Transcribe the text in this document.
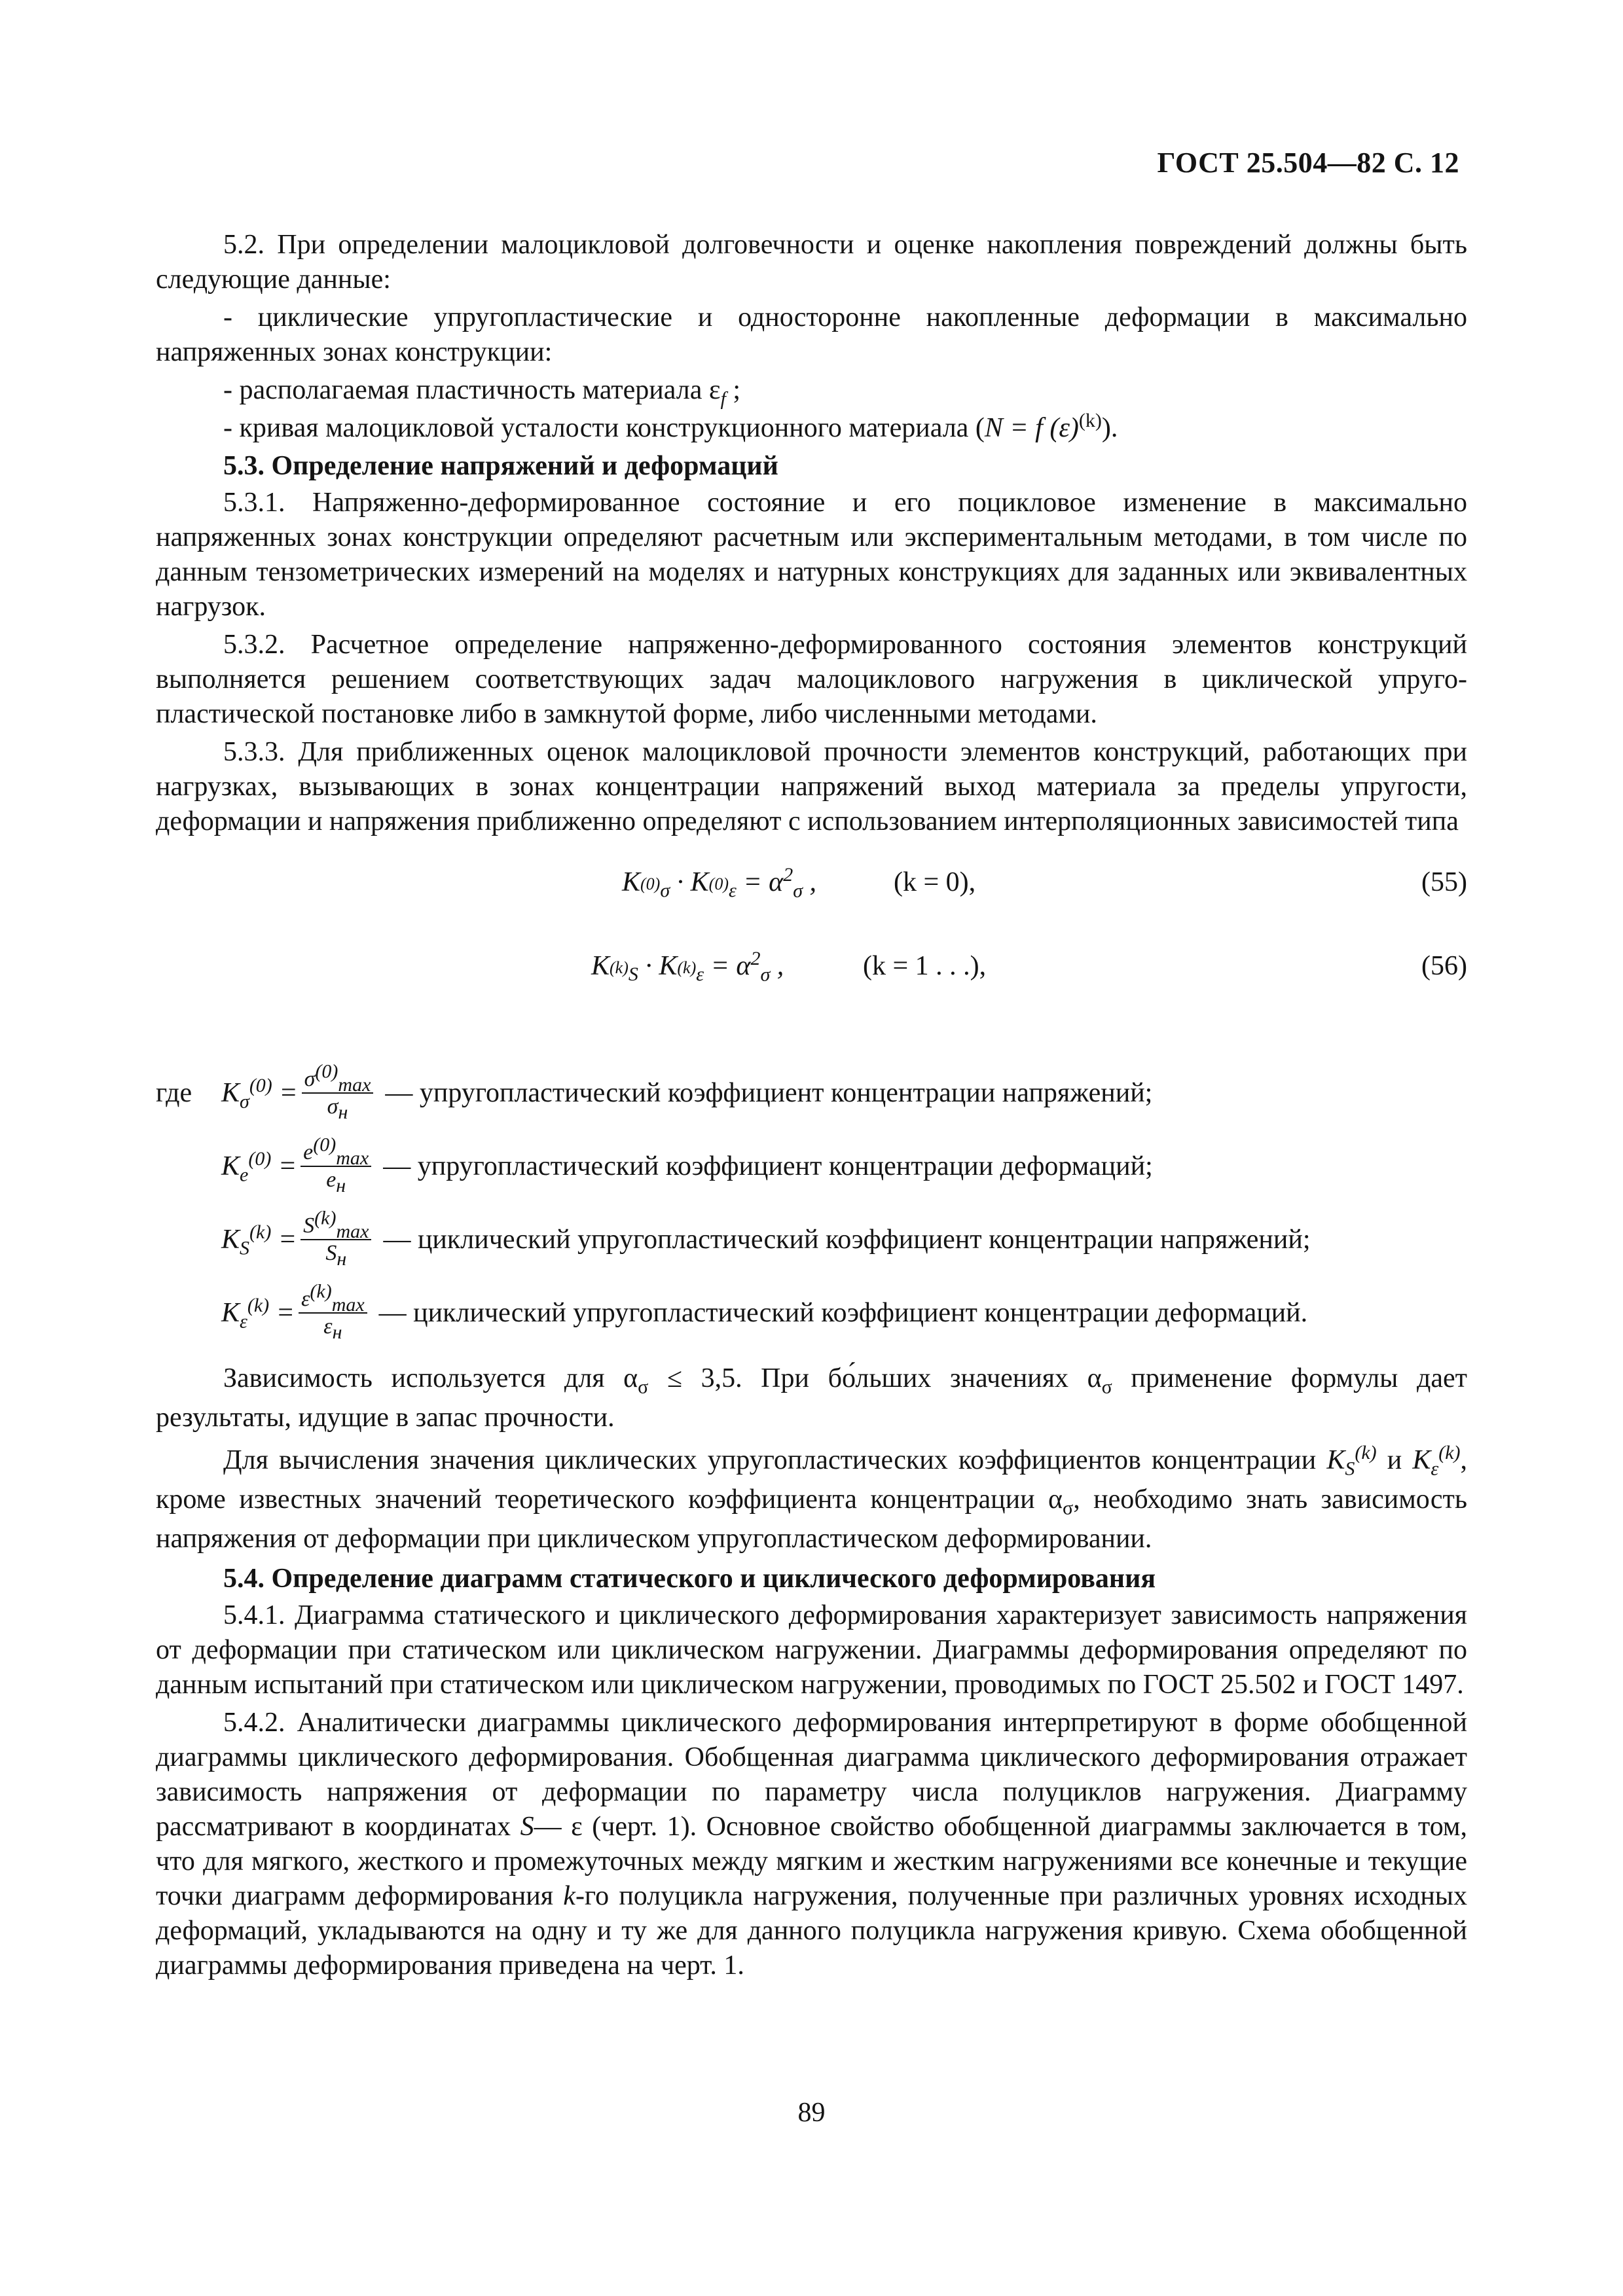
ГОСТ 25.504—82 С. 12

5.2. При определении малоцикловой долговечности и оценке накопления повреждений должны быть следующие данные:

- циклические упругопластические и односторонне накопленные деформации в максимально напряженных зонах конструкции:

- располагаемая пластичность материала $\varepsilon_f$ ;

- кривая малоцикловой усталости конструкционного материала (N = f $(\varepsilon)^{(k)}$).

5.3. Определение напряжений и деформаций

5.3.1. Напряженно-деформированное состояние и его поцикловое изменение в максимально напряженных зонах конструкции определяют расчетным или экспериментальным методами, в том числе по данным тензометрических измерений на моделях и натурных конструкциях для заданных или эквивалентных нагрузок.

5.3.2. Расчетное определение напряженно-деформированного состояния элементов конструкций выполняется решением соответствующих задач малоциклового нагружения в циклической упруго-пластической постановке либо в замкнутой форме, либо численными методами.

5.3.3. Для приближенных оценок малоцикловой прочности элементов конструкций, работающих при нагрузках, вызывающих в зонах концентрации напряжений выход материала за пределы упругости, деформации и напряжения приближенно определяют с использованием интерполяционных зависимостей типа

$K_{^{(0)}\sigma} \cdot K_{^{(0)}\varepsilon} = \alpha^2_\sigma$ ,	(k = 0),	(55)
$K_{^{(k)}S} \cdot K_{^{(k)}\varepsilon} = \alpha^2_\sigma$ ,	(k = 1 . . .),	(56)
где	$K_\sigma^{(0)} = \frac{\sigma^{(0)}_{max}}{\sigma_н}$ — упругопластический коэффициент концентрации напряжений;
$K_е^{(0)} = \frac{e^{(0)}_{max}}{e_н}$ — упругопластический коэффициент концентрации деформаций;
$K_S^{(k)} = \frac{S^{(k)}_{max}}{S_н}$ — циклический упругопластический коэффициент концентрации напряжений;
$K_\varepsilon^{(k)} = \frac{\varepsilon^{(k)}_{max}}{\varepsilon_н}$ — циклический упругопластический коэффициент концентрации деформаций.

Зависимость используется для $\alpha_\sigma \le 3,5$. При бо́льших значениях $\alpha_\sigma$ применение формулы дает результаты, идущие в запас прочности.

Для вычисления значения циклических упругопластических коэффициентов концентрации $K_S^{(k)}$ и $K_\varepsilon^{(k)}$, кроме известных значений теоретического коэффициента концентрации $\alpha_\sigma$, необходимо знать зависимость напряжения от деформации при циклическом упругопластическом деформировании.

5.4. Определение диаграмм статического и циклического деформирования

5.4.1. Диаграмма статического и циклического деформирования характеризует зависимость напряжения от деформации при статическом или циклическом нагружении. Диаграммы деформирования определяют по данным испытаний при статическом или циклическом нагружении, проводимых по ГОСТ 25.502 и ГОСТ 1497.

5.4.2. Аналитически диаграммы циклического деформирования интерпретируют в форме обобщенной диаграммы циклического деформирования. Обобщенная диаграмма циклического деформирования отражает зависимость напряжения от деформации по параметру числа полуциклов нагружения. Диаграмму рассматривают в координатах S— ε (черт. 1). Основное свойство обобщенной диаграммы заключается в том, что для мягкого, жесткого и промежуточных между мягким и жестким нагружениями все конечные и текущие точки диаграмм деформирования k-го полуцикла нагружения, полученные при различных уровнях исходных деформаций, укладываются на одну и ту же для данного полуцикла нагружения кривую. Схема обобщенной диаграммы деформирования приведена на черт. 1.

89
